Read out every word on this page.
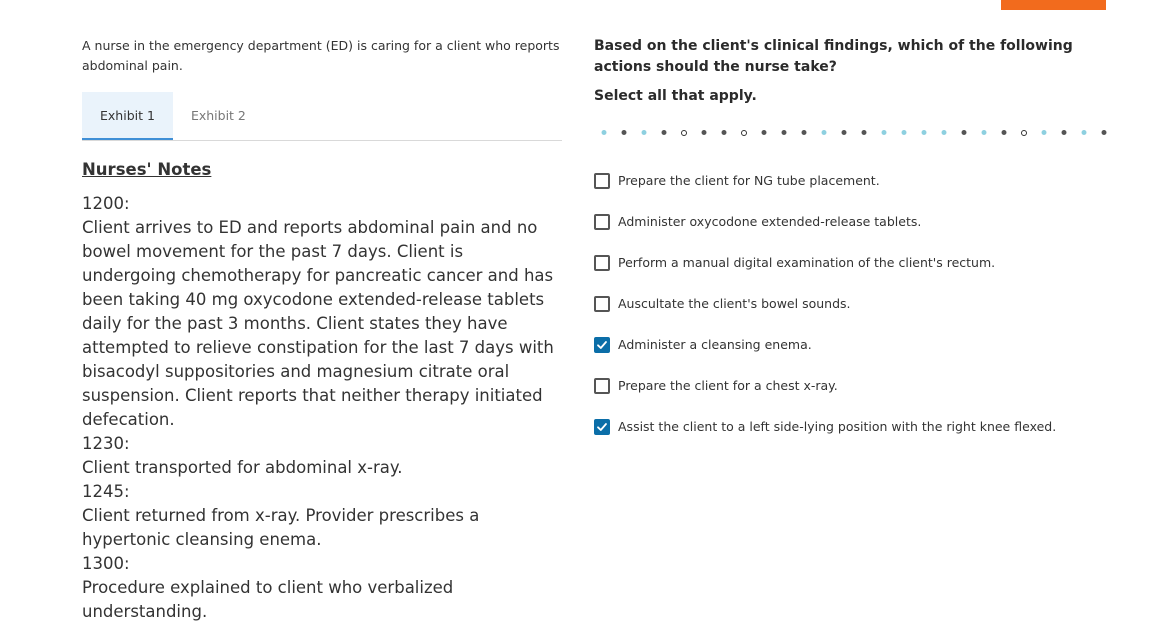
A nurse in the emergency department (ED) is caring for a client who reports abdominal pain.

Exhibit 1	Exhibit 2
Nurses' Notes
1200:
Client arrives to ED and reports abdominal pain and no bowel movement for the past 7 days. Client is undergoing chemotherapy for pancreatic cancer and has been taking 40 mg oxycodone extended-release tablets daily for the past 3 months. Client states they have attempted to relieve constipation for the last 7 days with bisacodyl suppositories and magnesium citrate oral suspension. Client reports that neither therapy initiated defecation.
1230:
Client transported for abdominal x-ray.
1245:
Client returned from x-ray. Provider prescribes a hypertonic cleansing enema.
1300:
Procedure explained to client who verbalized understanding.

Based on the client's clinical findings, which of the following actions should the nurse take?

Select all that apply.

Prepare the client for NG tube placement.
Administer oxycodone extended-release tablets.
Perform a manual digital examination of the client's rectum.
Auscultate the client's bowel sounds.
Administer a cleansing enema.
Prepare the client for a chest x-ray.
Assist the client to a left side-lying position with the right knee flexed.
